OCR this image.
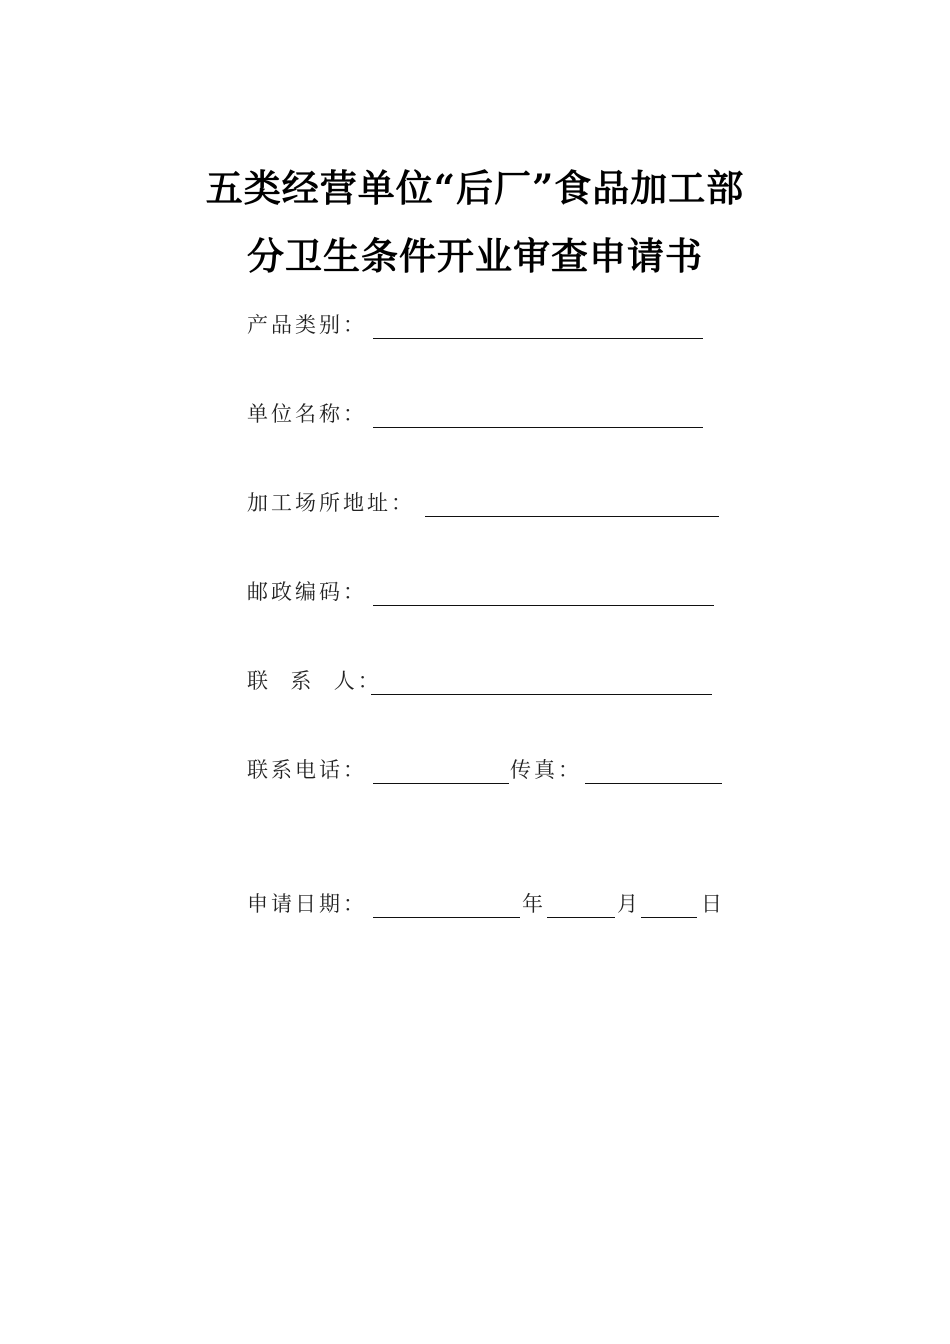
五类经营单位“后厂”食品加工部
分卫生条件开业审查申请书
产品类别：
单位名称：
加工场所地址：
邮政编码：
联  系  人：
联系电话：	传真：
申请日期：	年	月	日
